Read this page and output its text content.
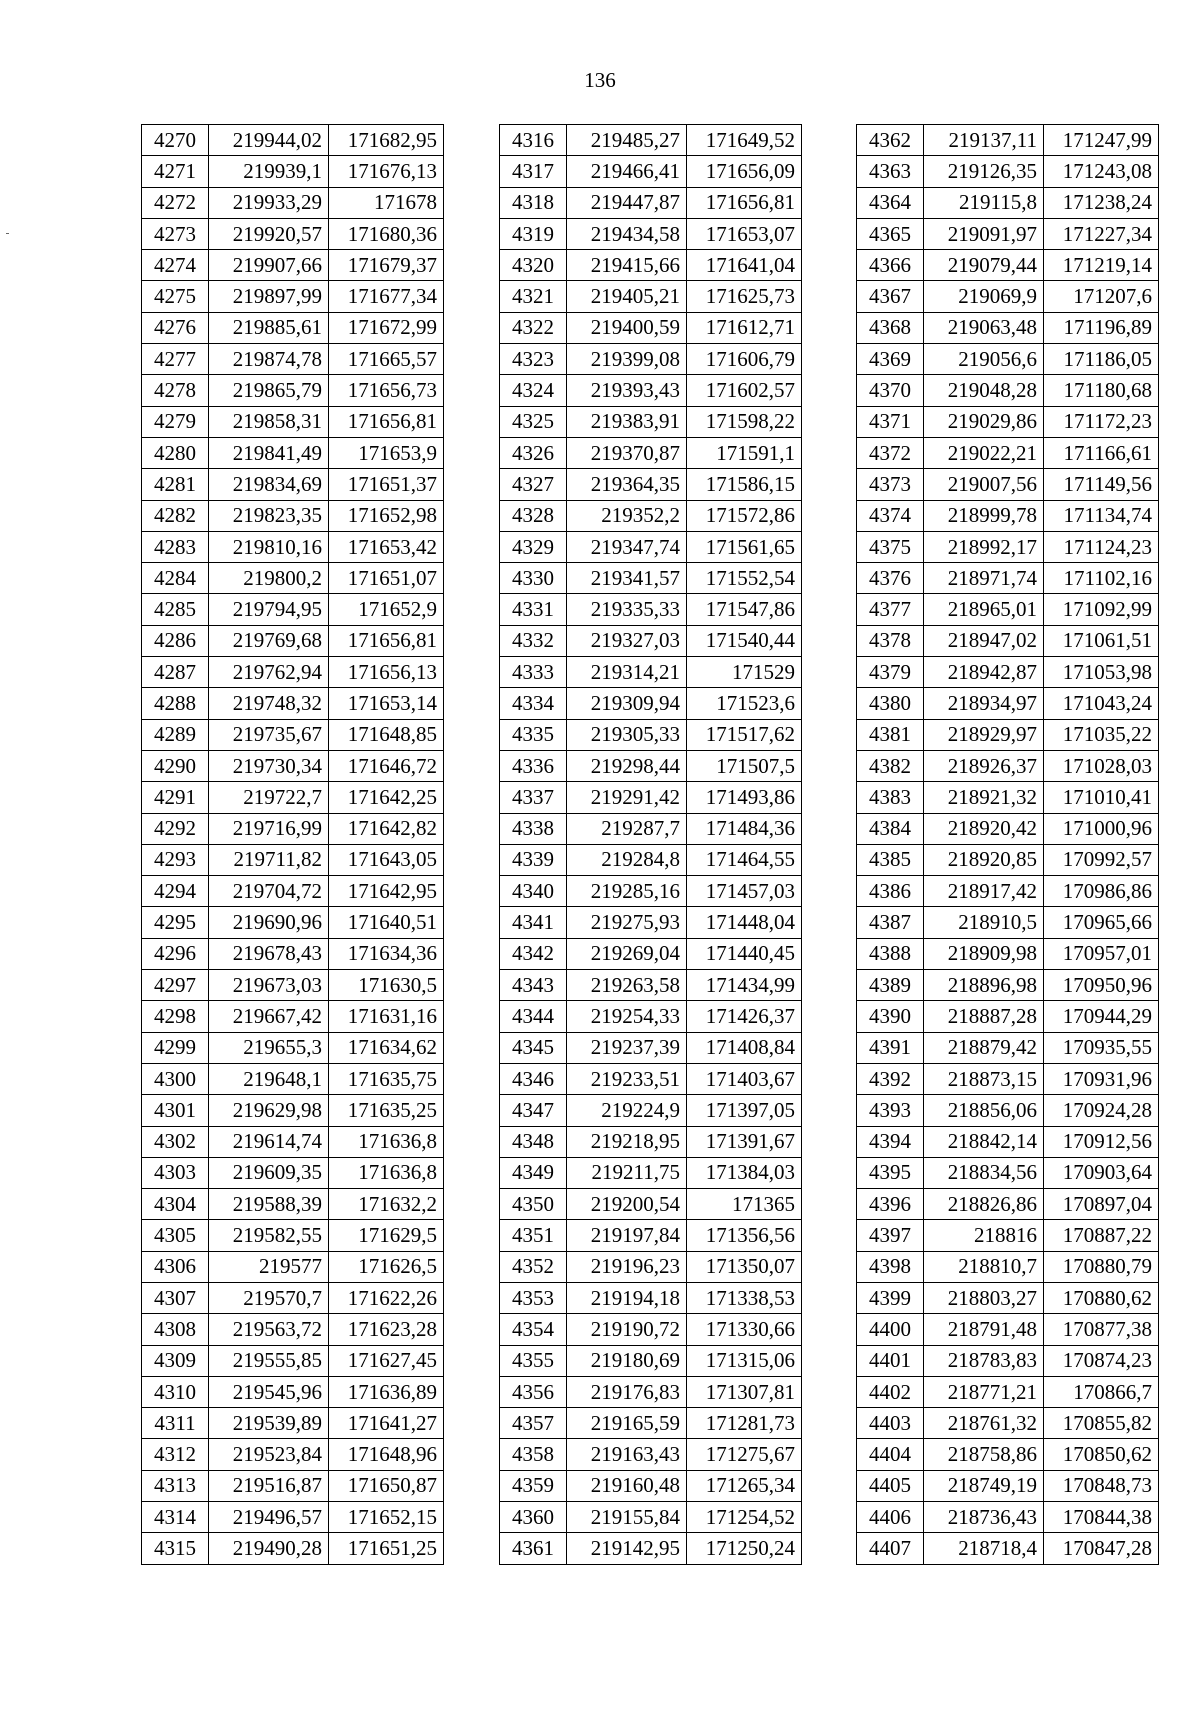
136
4270	219944,02	171682,95
4271	219939,1	171676,13
4272	219933,29	171678
4273	219920,57	171680,36
4274	219907,66	171679,37
4275	219897,99	171677,34
4276	219885,61	171672,99
4277	219874,78	171665,57
4278	219865,79	171656,73
4279	219858,31	171656,81
4280	219841,49	171653,9
4281	219834,69	171651,37
4282	219823,35	171652,98
4283	219810,16	171653,42
4284	219800,2	171651,07
4285	219794,95	171652,9
4286	219769,68	171656,81
4287	219762,94	171656,13
4288	219748,32	171653,14
4289	219735,67	171648,85
4290	219730,34	171646,72
4291	219722,7	171642,25
4292	219716,99	171642,82
4293	219711,82	171643,05
4294	219704,72	171642,95
4295	219690,96	171640,51
4296	219678,43	171634,36
4297	219673,03	171630,5
4298	219667,42	171631,16
4299	219655,3	171634,62
4300	219648,1	171635,75
4301	219629,98	171635,25
4302	219614,74	171636,8
4303	219609,35	171636,8
4304	219588,39	171632,2
4305	219582,55	171629,5
4306	219577	171626,5
4307	219570,7	171622,26
4308	219563,72	171623,28
4309	219555,85	171627,45
4310	219545,96	171636,89
4311	219539,89	171641,27
4312	219523,84	171648,96
4313	219516,87	171650,87
4314	219496,57	171652,15
4315	219490,28	171651,25
4316	219485,27	171649,52
4317	219466,41	171656,09
4318	219447,87	171656,81
4319	219434,58	171653,07
4320	219415,66	171641,04
4321	219405,21	171625,73
4322	219400,59	171612,71
4323	219399,08	171606,79
4324	219393,43	171602,57
4325	219383,91	171598,22
4326	219370,87	171591,1
4327	219364,35	171586,15
4328	219352,2	171572,86
4329	219347,74	171561,65
4330	219341,57	171552,54
4331	219335,33	171547,86
4332	219327,03	171540,44
4333	219314,21	171529
4334	219309,94	171523,6
4335	219305,33	171517,62
4336	219298,44	171507,5
4337	219291,42	171493,86
4338	219287,7	171484,36
4339	219284,8	171464,55
4340	219285,16	171457,03
4341	219275,93	171448,04
4342	219269,04	171440,45
4343	219263,58	171434,99
4344	219254,33	171426,37
4345	219237,39	171408,84
4346	219233,51	171403,67
4347	219224,9	171397,05
4348	219218,95	171391,67
4349	219211,75	171384,03
4350	219200,54	171365
4351	219197,84	171356,56
4352	219196,23	171350,07
4353	219194,18	171338,53
4354	219190,72	171330,66
4355	219180,69	171315,06
4356	219176,83	171307,81
4357	219165,59	171281,73
4358	219163,43	171275,67
4359	219160,48	171265,34
4360	219155,84	171254,52
4361	219142,95	171250,24
4362	219137,11	171247,99
4363	219126,35	171243,08
4364	219115,8	171238,24
4365	219091,97	171227,34
4366	219079,44	171219,14
4367	219069,9	171207,6
4368	219063,48	171196,89
4369	219056,6	171186,05
4370	219048,28	171180,68
4371	219029,86	171172,23
4372	219022,21	171166,61
4373	219007,56	171149,56
4374	218999,78	171134,74
4375	218992,17	171124,23
4376	218971,74	171102,16
4377	218965,01	171092,99
4378	218947,02	171061,51
4379	218942,87	171053,98
4380	218934,97	171043,24
4381	218929,97	171035,22
4382	218926,37	171028,03
4383	218921,32	171010,41
4384	218920,42	171000,96
4385	218920,85	170992,57
4386	218917,42	170986,86
4387	218910,5	170965,66
4388	218909,98	170957,01
4389	218896,98	170950,96
4390	218887,28	170944,29
4391	218879,42	170935,55
4392	218873,15	170931,96
4393	218856,06	170924,28
4394	218842,14	170912,56
4395	218834,56	170903,64
4396	218826,86	170897,04
4397	218816	170887,22
4398	218810,7	170880,79
4399	218803,27	170880,62
4400	218791,48	170877,38
4401	218783,83	170874,23
4402	218771,21	170866,7
4403	218761,32	170855,82
4404	218758,86	170850,62
4405	218749,19	170848,73
4406	218736,43	170844,38
4407	218718,4	170847,28
